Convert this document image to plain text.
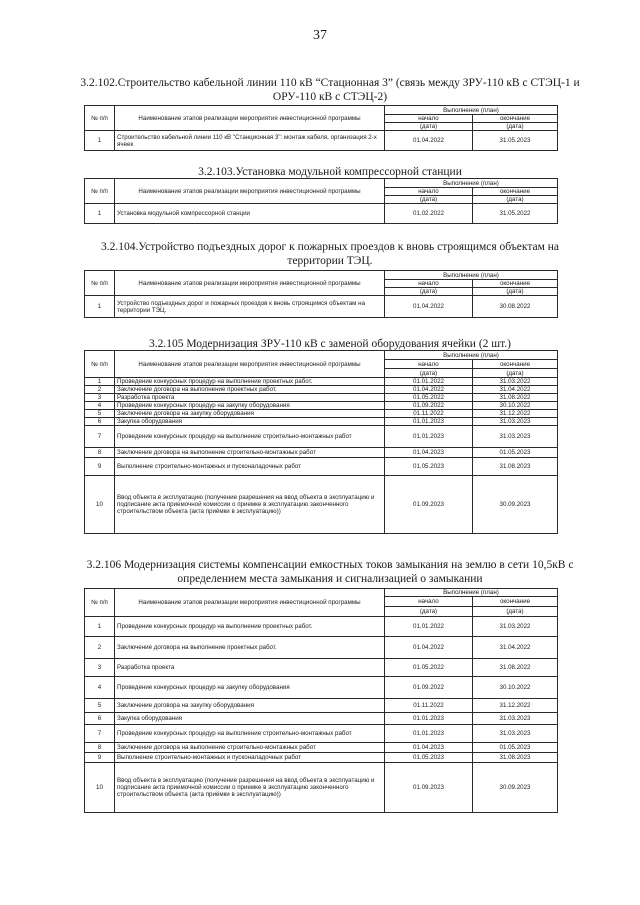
37
3.2.102.Строительство кабельной линии 110 кВ “Стационная 3” (связь между ЗРУ-110 кВ с СТЭЦ-1 и
ОРУ-110 кВ с СТЭЦ-2)
№ п/п	Наименование этапов реализации мероприятия инвестиционной программы	Выполнение (план)	
		начало	окончание
		(дата)	(дата)
1	Строительство кабельной линии 110 кВ "Станционная 3": монтаж кабеля, организация 2-х ячеек	01.04.2022	31.05.2023
3.2.103.Установка модульной компрессорной станции
№ п/п	Наименование этапов реализации мероприятия инвестиционной программы	Выполнение (план)	
		начало	окончание
		(дата)	(дата)
1	Установка модульной компрессорной станции	01.02.2022	31.05.2022
3.2.104.Устройство подъездных дорог к пожарных проездов к вновь строящимся объектам на
территории ТЭЦ.
№ п/п	Наименование этапов реализации мероприятия инвестиционной программы	Выполнение (план)	
		начало	окончание
		(дата)	(дата)
1	Устройство подъездных дорог и пожарных проездов к вновь строящимся объектам на территории ТЭЦ.	01.04.2022	30.08.2022
3.2.105 Модернизация ЗРУ-110 кВ с заменой оборудования ячейки (2 шт.)
№ п/п	Наименование этапов реализации мероприятия инвестиционной программы	Выполнение (план)	
		начало	окончание
		(дата)	(дата)
1	Проведение конкурсных процедур на выполнение проектных работ.	01.01.2022	31.03.2022
2	Заключение договора на выполнение проектных работ.	01.04.2022	31.04.2022
3	Разработка проекта	01.05.2022	31.08.2022
4	Проведение конкурсных процедур на закупку оборудования	01.09.2022	30.10.2022
5	Заключение договора на закупку оборудования	01.11.2022	31.12.2022
6	Закупка оборудования	01.01.2023	31.03.2023
7	Проведение конкурсных процедур на выполнение строительно-монтажных работ	01.01.2023	31.03.2023
8	Заключение договора на выполнение строительно-монтажных работ	01.04.2023	01.05.2023
9	Выполнение строительно-монтажных и пусконаладочных работ	01.05.2023	31.08.2023
10	Ввод объекта в эксплуатацию (получение разрешения на ввод объекта в эксплуатацию и подписание акта приемочной комиссии о приемке в эксплуатацию законченного строительством объекта (акта приёмки в эксплуатацию))	01.09.2023	30.09.2023
3.2.106 Модернизация системы компенсации емкостных токов замыкания на землю в сети 10,5кВ с
определением места замыкания и сигнализацией о замыкании
№ п/п	Наименование этапов реализации мероприятия инвестиционной программы	Выполнение (план)	
		начало	окончание
		(дата)	(дата)
1	Проведение конкурсных процедур на выполнение проектных работ.	01.01.2022	31.03.2022
2	Заключение договора на выполнение проектных работ.	01.04.2022	31.04.2022
3	Разработка проекта	01.05.2022	31.08.2022
4	Проведение конкурсных процедур на закупку оборудования	01.09.2022	30.10.2022
5	Заключение договора на закупку оборудования	01.11.2022	31.12.2022
6	Закупка оборудования	01.01.2023	31.03.2023
7	Проведение конкурсных процедур на выполнение строительно-монтажных работ	01.01.2023	31.03.2023
8	Заключение договора на выполнение строительно-монтажных работ	01.04.2023	01.05.2023
9	Выполнение строительно-монтажных и пусконаладочных работ	01.05.2023	31.08.2023
10	Ввод объекта в эксплуатацию (получение разрешения на ввод объекта в эксплуатацию и подписание акта приемочной комиссии о приемке в эксплуатацию законченного строительством объекта (акта приёмки в эксплуатацию))	01.09.2023	30.09.2023
